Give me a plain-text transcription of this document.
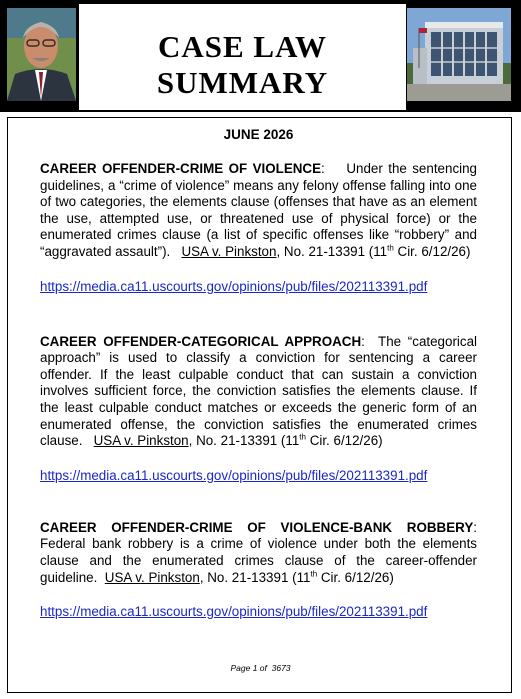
CASE LAW
SUMMARY

JUNE 2026

CAREER OFFENDER-CRIME OF VIOLENCE:    Under the sentencing guidelines, a “crime of violence” means any felony offense falling into one of two categories, the elements clause (offenses that have as an element the use, attempted use, or threatened use of physical force) or the enumerated crimes clause (a list of specific offenses like “robbery” and “aggravated assault”). USA v. Pinkston, No. 21-13391 (11th Cir. 6/12/26)

https://media.ca11.uscourts.gov/opinions/pub/files/202113391.pdf

CAREER OFFENDER-CATEGORICAL APPROACH:  The “categorical approach” is used to classify a conviction for sentencing a career offender. If the least culpable conduct that can sustain a conviction involves sufficient force, the conviction satisfies the elements clause. If the least culpable conduct matches or exceeds the generic form of an enumerated offense, the conviction satisfies the enumerated crimes clause. USA v. Pinkston, No. 21-13391 (11th Cir. 6/12/26)

https://media.ca11.uscourts.gov/opinions/pub/files/202113391.pdf

CAREER OFFENDER-CRIME OF VIOLENCE-BANK ROBBERY: Federal bank robbery is a crime of violence under both the elements clause and the enumerated crimes clause of the career-offender guideline. USA v. Pinkston, No. 21-13391 (11th Cir. 6/12/26)

https://media.ca11.uscourts.gov/opinions/pub/files/202113391.pdf
Page 1 of 3673
